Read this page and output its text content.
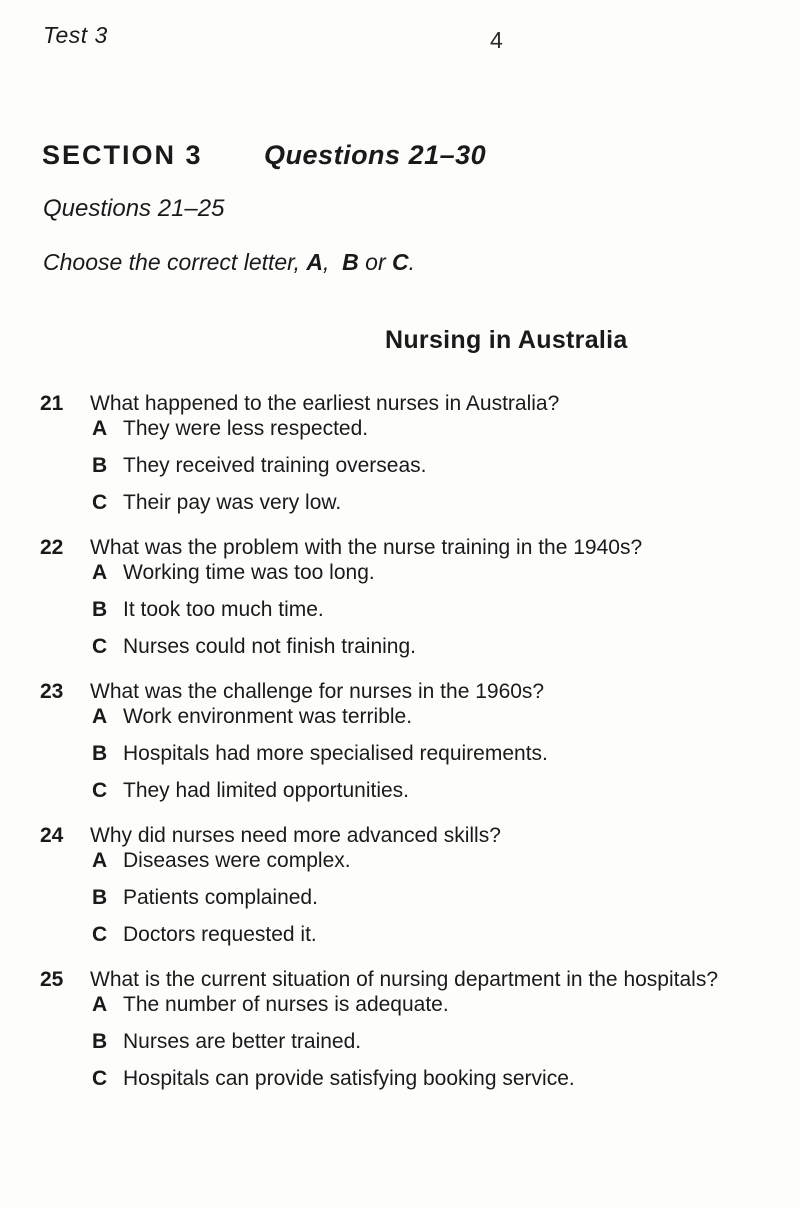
Test 3	4
SECTION 3 Questions 21–30
Questions 21–25
Choose the correct letter, A,  B or C.
Nursing in Australia
21	What happened to the earliest nurses in Australia?
A They were less respected.
B They received training overseas.
C Their pay was very low.
22	What was the problem with the nurse training in the 1940s?
A Working time was too long.
B It took too much time.
C Nurses could not finish training.
23	What was the challenge for nurses in the 1960s?
A Work environment was terrible.
B Hospitals had more specialised requirements.
C They had limited opportunities.
24	Why did nurses need more advanced skills?
A Diseases were complex.
B Patients complained.
C Doctors requested it.
25	What is the current situation of nursing department in the hospitals?
A The number of nurses is adequate.
B Nurses are better trained.
C Hospitals can provide satisfying booking service.
